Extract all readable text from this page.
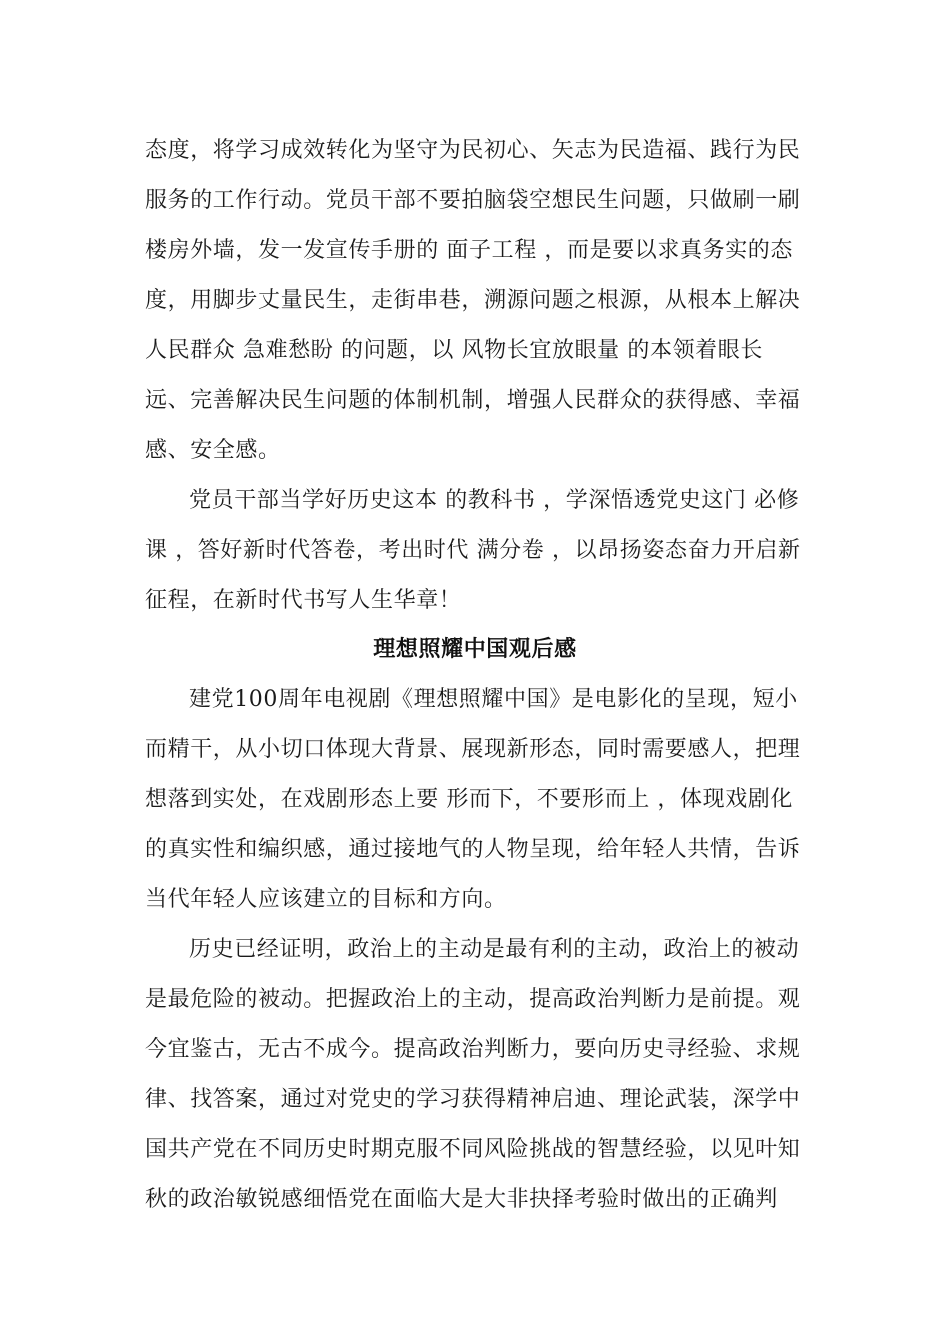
态度，将学习成效转化为坚守为民初心、矢志为民造福、践行为民
服务的工作行动。党员干部不要拍脑袋空想民生问题，只做刷一刷
楼房外墙，发一发宣传手册的 面子工程 ，而是要以求真务实的态
度，用脚步丈量民生，走街串巷，溯源问题之根源，从根本上解决
人民群众 急难愁盼 的问题，以 风物长宜放眼量 的本领着眼长
远、完善解决民生问题的体制机制，增强人民群众的获得感、幸福
感、安全感。
党员干部当学好历史这本 的教科书 ，学深悟透党史这门 必修
课 ，答好新时代答卷，考出时代 满分卷 ，以昂扬姿态奋力开启新
征程，在新时代书写人生华章！
理想照耀中国观后感
建党100周年电视剧《理想照耀中国》是电影化的呈现，短小
而精干，从小切口体现大背景、展现新形态，同时需要感人，把理
想落到实处，在戏剧形态上要 形而下，不要形而上 ，体现戏剧化
的真实性和编织感，通过接地气的人物呈现，给年轻人共情，告诉
当代年轻人应该建立的目标和方向。
历史已经证明，政治上的主动是最有利的主动，政治上的被动
是最危险的被动。把握政治上的主动，提高政治判断力是前提。观
今宜鉴古，无古不成今。提高政治判断力，要向历史寻经验、求规
律、找答案，通过对党史的学习获得精神启迪、理论武装，深学中
国共产党在不同历史时期克服不同风险挑战的智慧经验，以见叶知
秋的政治敏锐感细悟党在面临大是大非抉择考验时做出的正确判
